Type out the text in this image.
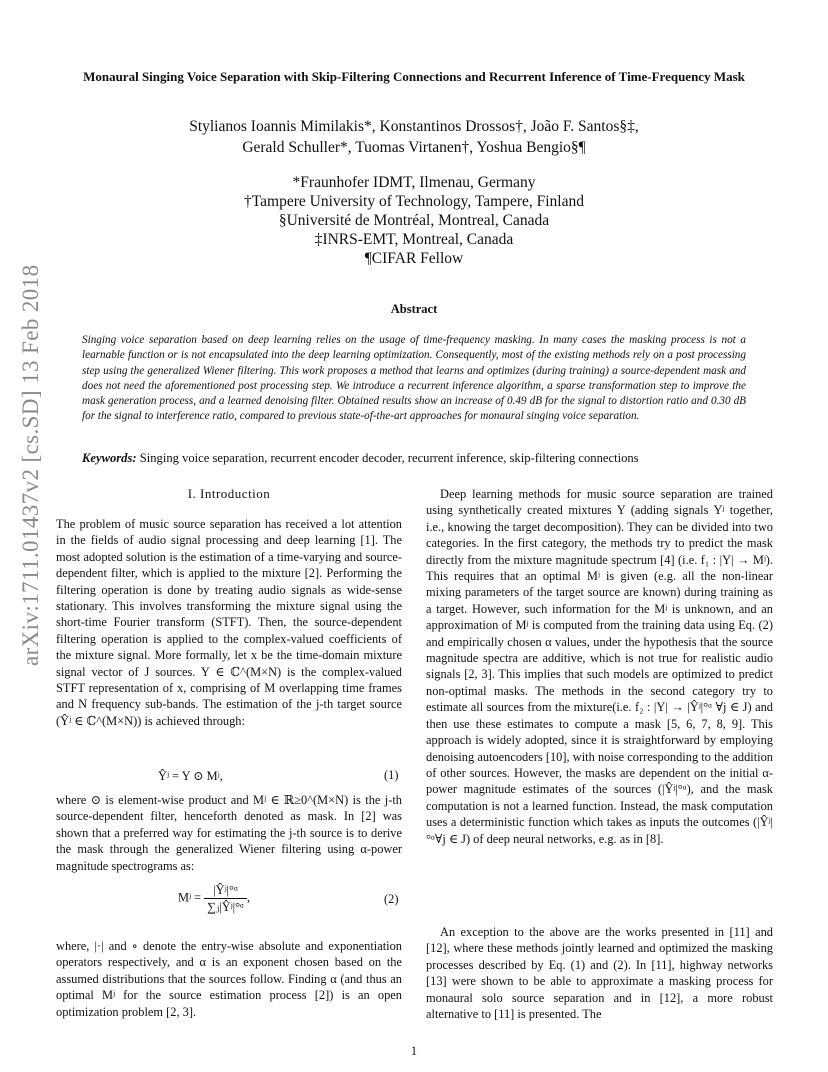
arXiv:1711.01437v2 [cs.SD] 13 Feb 2018
Monaural Singing Voice Separation with Skip-Filtering Connections and Recurrent Inference of Time-Frequency Mask
Stylianos Ioannis Mimilakis*, Konstantinos Drossos†, João F. Santos§‡,
Gerald Schuller*, Tuomas Virtanen†, Yoshua Bengio§¶
*Fraunhofer IDMT, Ilmenau, Germany
†Tampere University of Technology, Tampere, Finland
§Université de Montréal, Montreal, Canada
‡INRS-EMT, Montreal, Canada
¶CIFAR Fellow
Abstract
Singing voice separation based on deep learning relies on the usage of time-frequency masking. In many cases the masking process is not a learnable function or is not encapsulated into the deep learning optimization. Consequently, most of the existing methods rely on a post processing step using the generalized Wiener filtering. This work proposes a method that learns and optimizes (during training) a source-dependent mask and does not need the aforementioned post processing step. We introduce a recurrent inference algorithm, a sparse transformation step to improve the mask generation process, and a learned denoising filter. Obtained results show an increase of 0.49 dB for the signal to distortion ratio and 0.30 dB for the signal to interference ratio, compared to previous state-of-the-art approaches for monaural singing voice separation.
Keywords: Singing voice separation, recurrent encoder decoder, recurrent inference, skip-filtering connections
I. Introduction

The problem of music source separation has received a lot attention in the fields of audio signal processing and deep learning [1]. The most adopted solution is the estimation of a time-varying and source-dependent filter, which is applied to the mixture [2]. Performing the filtering operation is done by treating audio signals as wide-sense stationary. This involves transforming the mixture signal using the short-time Fourier transform (STFT). Then, the source-dependent filtering operation is applied to the complex-valued coefficients of the mixture signal. More formally, let x be the time-domain mixture signal vector of J sources. Y ∈ ℂ^(M×N) is the complex-valued STFT representation of x, comprising of M overlapping time frames and N frequency sub-bands. The estimation of the j-th target source (Ŷʲ ∈ ℂ^(M×N)) is achieved through:

Ŷʲ = Y ⊙ Mʲ,	(1)

where ⊙ is element-wise product and Mʲ ∈ ℝ≥0^(M×N) is the j-th source-dependent filter, henceforth denoted as mask. In [2] was shown that a preferred way for estimating the j-th source is to derive the mask through the generalized Wiener filtering using α-power magnitude spectrograms as:

Mʲ = $\frac{\text{|Ŷʲ|°ᵅ}}{\text{∑ⱼ|Ŷʲ|°ᵅ}}$ ,	(2)

where, |·| and ∘ denote the entry-wise absolute and exponentiation operators respectively, and α is an exponent chosen based on the assumed distributions that the sources follow. Finding α (and thus an optimal Mʲ for the source estimation process [2]) is an open optimization problem [2, 3].

Deep learning methods for music source separation are trained using synthetically created mixtures Y (adding signals Yʲ together, i.e., knowing the target decomposition). They can be divided into two categories. In the first category, the methods try to predict the mask directly from the mixture magnitude spectrum [4] (i.e. f₁ : |Y| → Mʲ). This requires that an optimal Mʲ is given (e.g. all the non-linear mixing parameters of the target source are known) during training as a target. However, such information for the Mʲ is unknown, and an approximation of Mʲ is computed from the training data using Eq. (2) and empirically chosen α values, under the hypothesis that the source magnitude spectra are additive, which is not true for realistic audio signals [2, 3]. This implies that such models are optimized to predict non-optimal masks. The methods in the second category try to estimate all sources from the mixture(i.e. f₂ : |Y| → |Ŷʲ|°ᵅ ∀j ∈ J) and then use these estimates to compute a mask [5, 6, 7, 8, 9]. This approach is widely adopted, since it is straightforward by employing denoising autoencoders [10], with noise corresponding to the addition of other sources. However, the masks are dependent on the initial α-power magnitude estimates of the sources (|Ŷʲ|°ᵅ), and the mask computation is not a learned function. Instead, the mask computation uses a deterministic function which takes as inputs the outcomes (|Ŷʲ|°ᵅ∀j ∈ J) of deep neural networks, e.g. as in [8].

An exception to the above are the works presented in [11] and [12], where these methods jointly learned and optimized the masking processes described by Eq. (1) and (2). In [11], highway networks [13] were shown to be able to approximate a masking process for monaural solo source separation and in [12], a more robust alternative to [11] is presented. The

1
